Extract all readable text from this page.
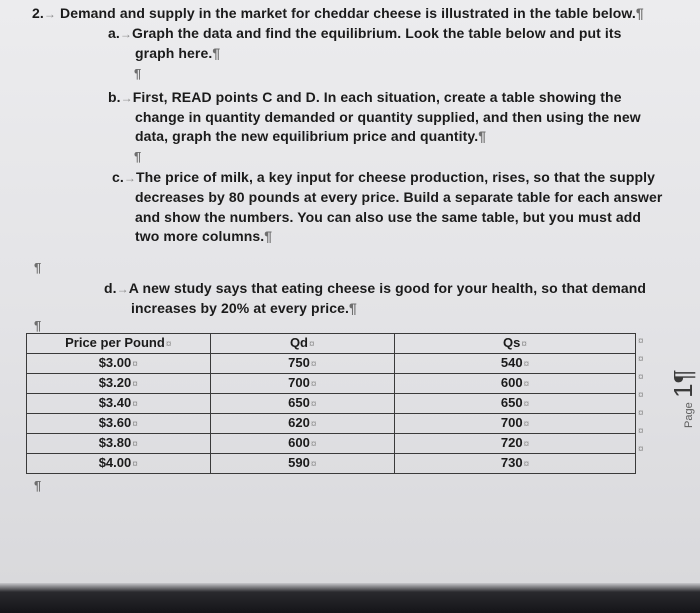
2.→ Demand and supply in the market for cheddar cheese is illustrated in the table below.¶
a.→Graph the data and find the equilibrium. Look the table below and put its
graph here.¶
¶
b.→First, READ points C and D. In each situation, create a table showing the
change in quantity demanded or quantity supplied, and then using the new
data, graph the new equilibrium price and quantity.¶
¶
c.→The price of milk, a key input for cheese production, rises, so that the supply
decreases by 80 pounds at every price. Build a separate table for each answer
and show the numbers. You can also use the same table, but you must add
two more columns.¶
¶
d.→A new study says that eating cheese is good for your health, so that demand
increases by 20% at every price.¶
¶
Price per Pound¤	Qd¤	Qs¤
$3.00¤	750¤	540¤
$3.20¤	700¤	600¤
$3.40¤	650¤	650¤
$3.60¤	620¤	700¤
$3.80¤	600¤	720¤
$4.00¤	590¤	730¤
¤
¤
¤
¤
¤
¤
¤
¶
Page 1¶
